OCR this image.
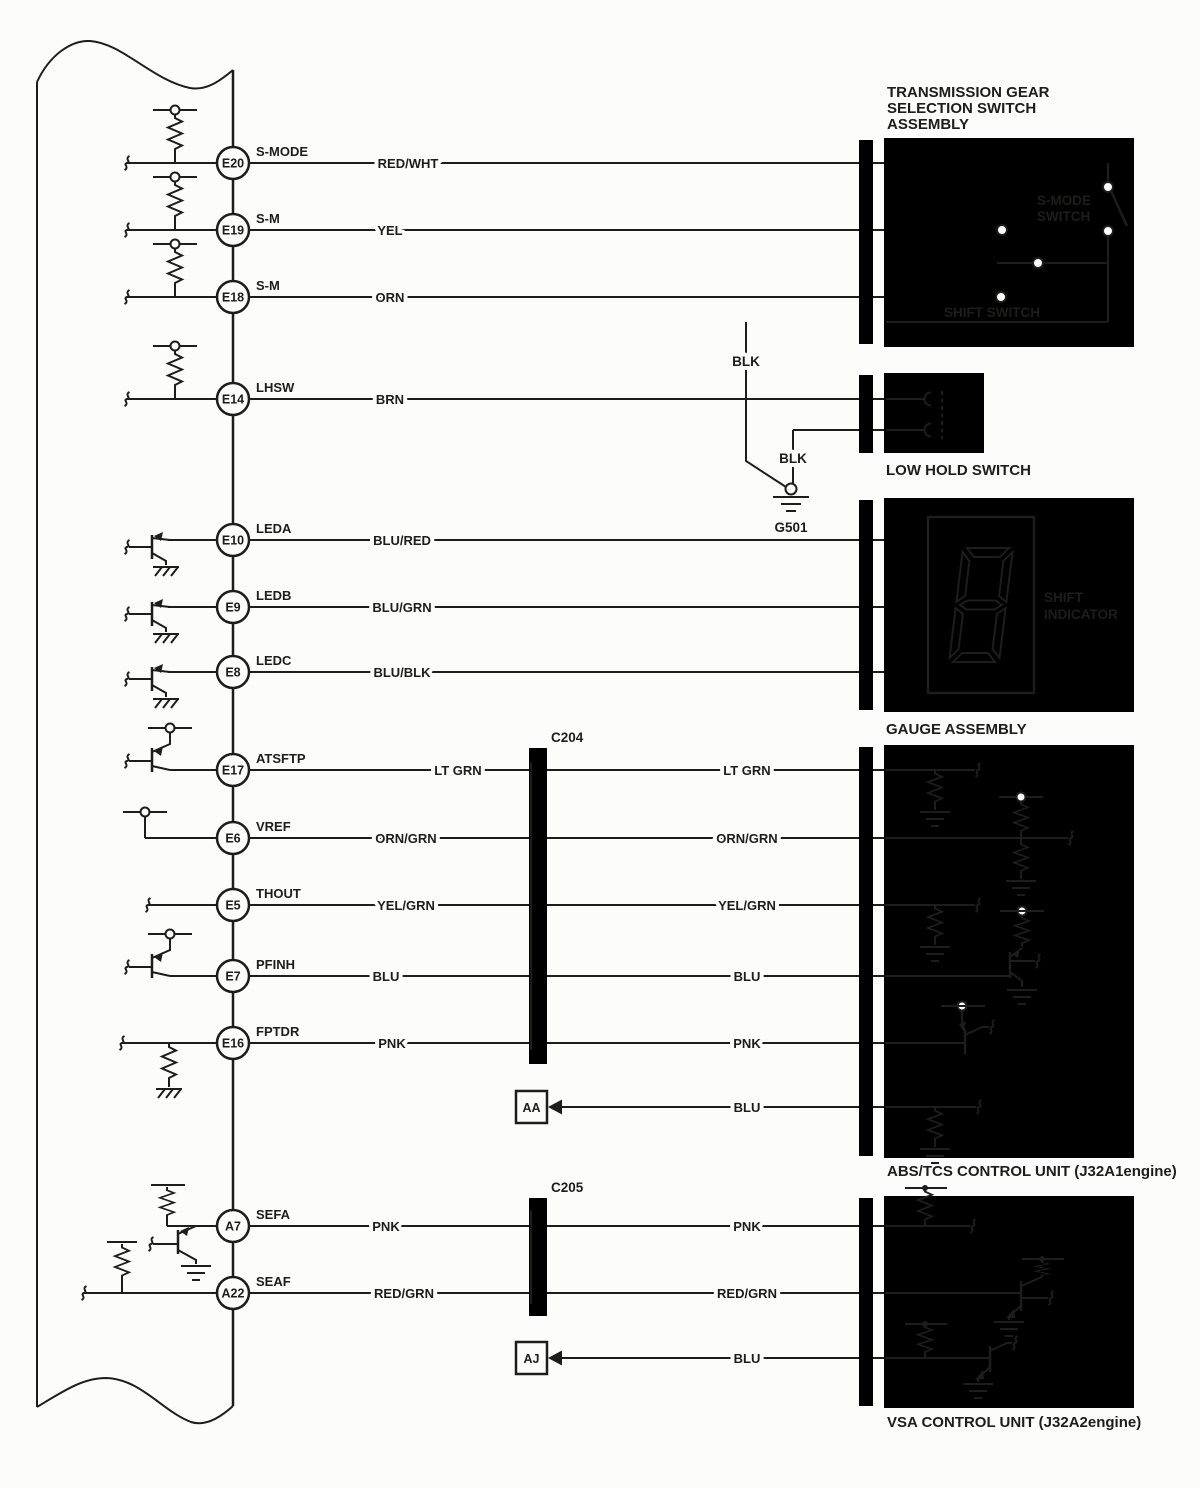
C204
C205
TRANSMISSION GEAR
SELECTION SWITCH
ASSEMBLY
S-MODE
SWITCH
SHIFT SWITCH
LOW HOLD SWITCH
BLK
BLK
G501
SHIFT
INDICATOR
GAUGE ASSEMBLY
ABS/TCS CONTROL UNIT (J32A1engine)
VSA CONTROL UNIT (J32A2engine)
AA
AJ
E20
E19
E18
E14
E10
E9
E8
E17
E6
E5
E7
E16
A7
A22
S-MODE
S-M
S-M
LHSW
LEDA
LEDB
LEDC
ATSFTP
VREF
THOUT
PFINH
FPTDR
SEFA
SEAF
RED/WHT
YEL
ORN
BRN
BLU/RED
BLU/GRN
BLU/BLK
LT GRN
ORN/GRN
YEL/GRN
BLU
PNK
PNK
RED/GRN
LT GRN
ORN/GRN
YEL/GRN
BLU
PNK
BLU
PNK
RED/GRN
BLU
